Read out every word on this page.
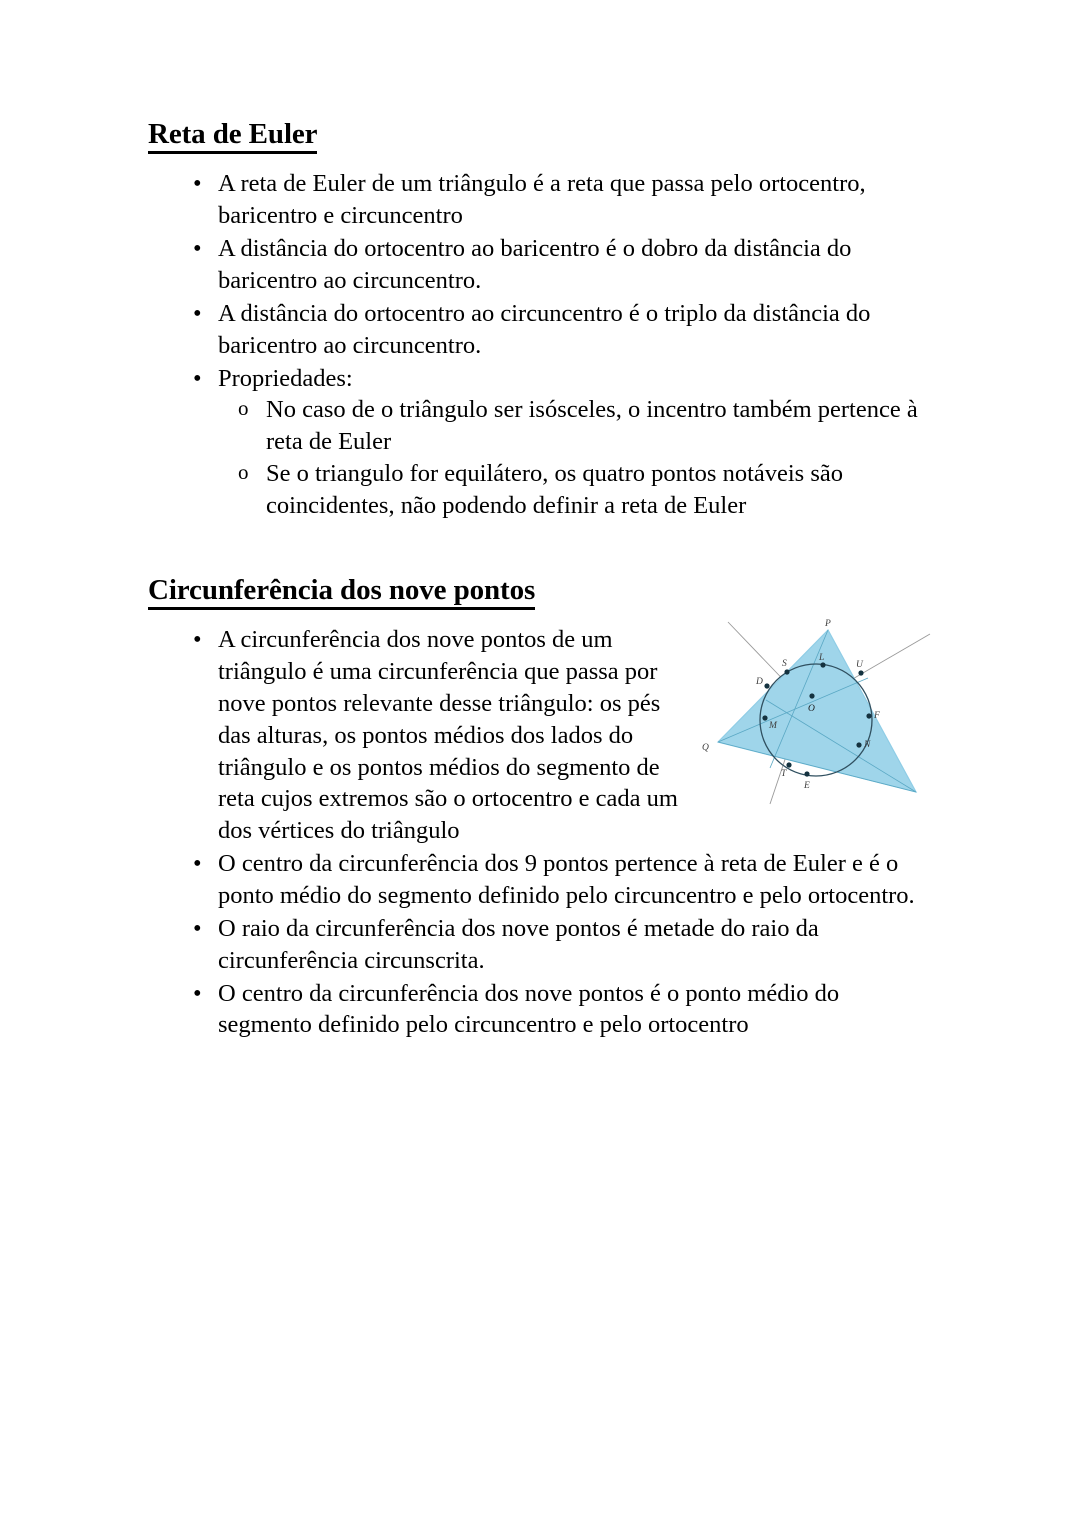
Reta de Euler
• A reta de Euler de um triângulo é a reta que passa pelo ortocentro, baricentro e circuncentro
• A distância do ortocentro ao baricentro é o dobro da distância do baricentro ao circuncentro.
• A distância do ortocentro ao circuncentro é o triplo da distância do baricentro ao circuncentro.
• Propriedades:
o No caso de o triângulo ser isósceles, o incentro também pertence à reta de Euler
o Se o triangulo for equilátero, os quatro pontos notáveis são coincidentes, não podendo definir a reta de Euler
Circunferência dos nove pontos
• A circunferência dos nove pontos de um triângulo é uma circunferência que passa por nove pontos relevante desse triângulo: os pés das alturas, os pontos médios dos lados do triângulo e os pontos médios do segmento de reta cujos extremos são o ortocentro e cada um dos vértices do triângulo
• O centro da circunferência dos 9 pontos pertence à reta de Euler e é o ponto médio do segmento definido pelo circuncentro e pelo ortocentro.
• O raio da circunferência dos nove pontos é metade do raio da circunferência circunscrita.
• O centro da circunferência dos nove pontos é o ponto médio do segmento definido pelo circuncentro e pelo ortocentro
P
S
L
U
D
O
F
M
Q	N
T
E
